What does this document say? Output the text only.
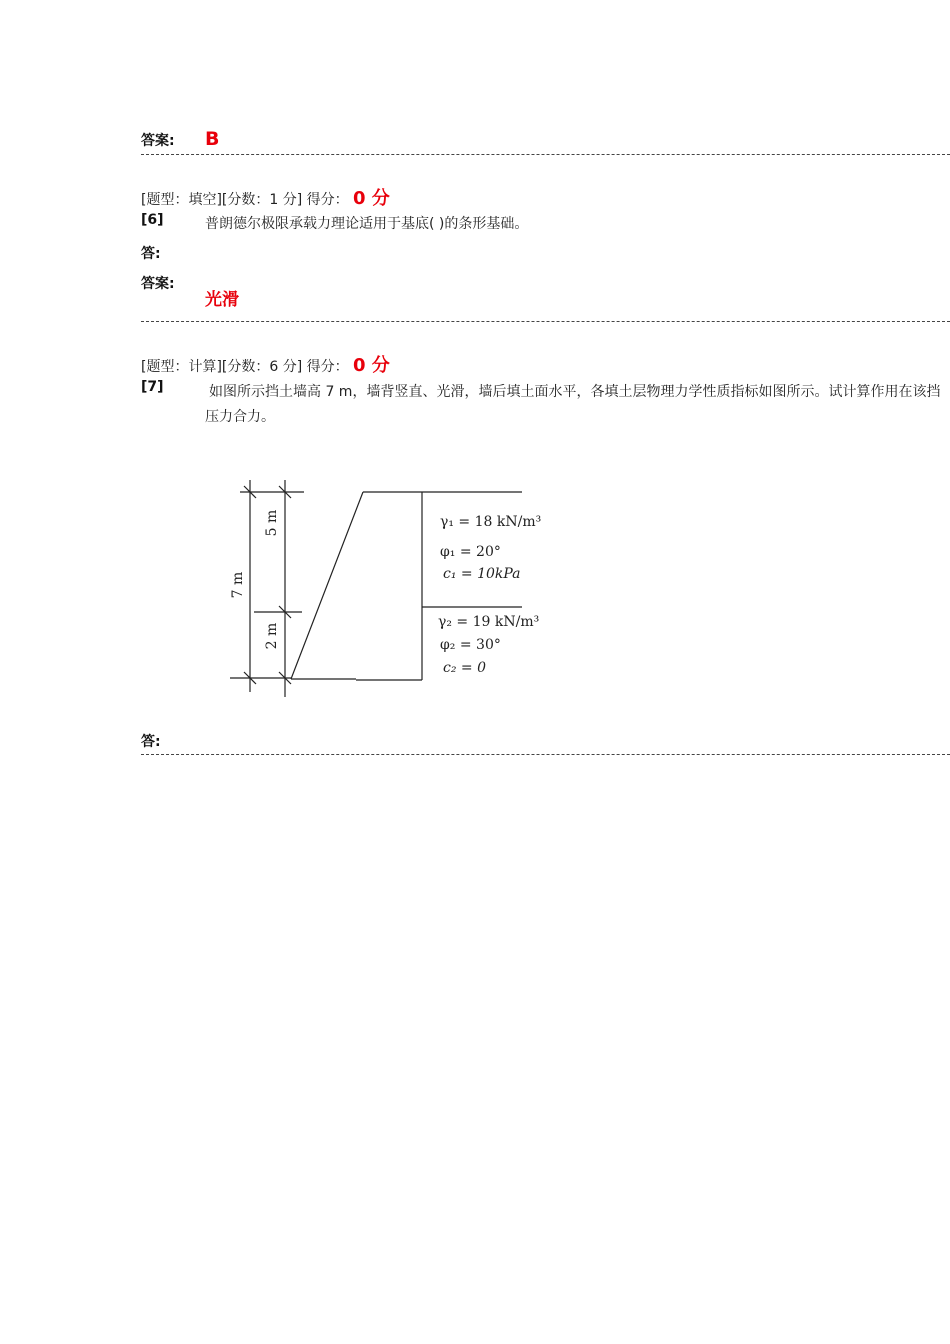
答案: B
[题型：填空][分数：1 分] 得分： 0 分
[6]	普朗德尔极限承载力理论适用于基底( )的条形基础。
答:
答案:
光滑
[题型：计算][分数：6 分] 得分： 0 分
[7]	如图所示挡土墙高 7 m，墙背竖直、光滑，墙后填土面水平，各填土层物理力学性质指标如图所示。试计算作用在该挡
压力合力。
7 m
5 m
2 m
γ₁ = 18 kN/m³
φ₁ = 20°
c₁ = 10kPa
γ₂ = 19 kN/m³
φ₂ = 30°
c₂ = 0
答:
